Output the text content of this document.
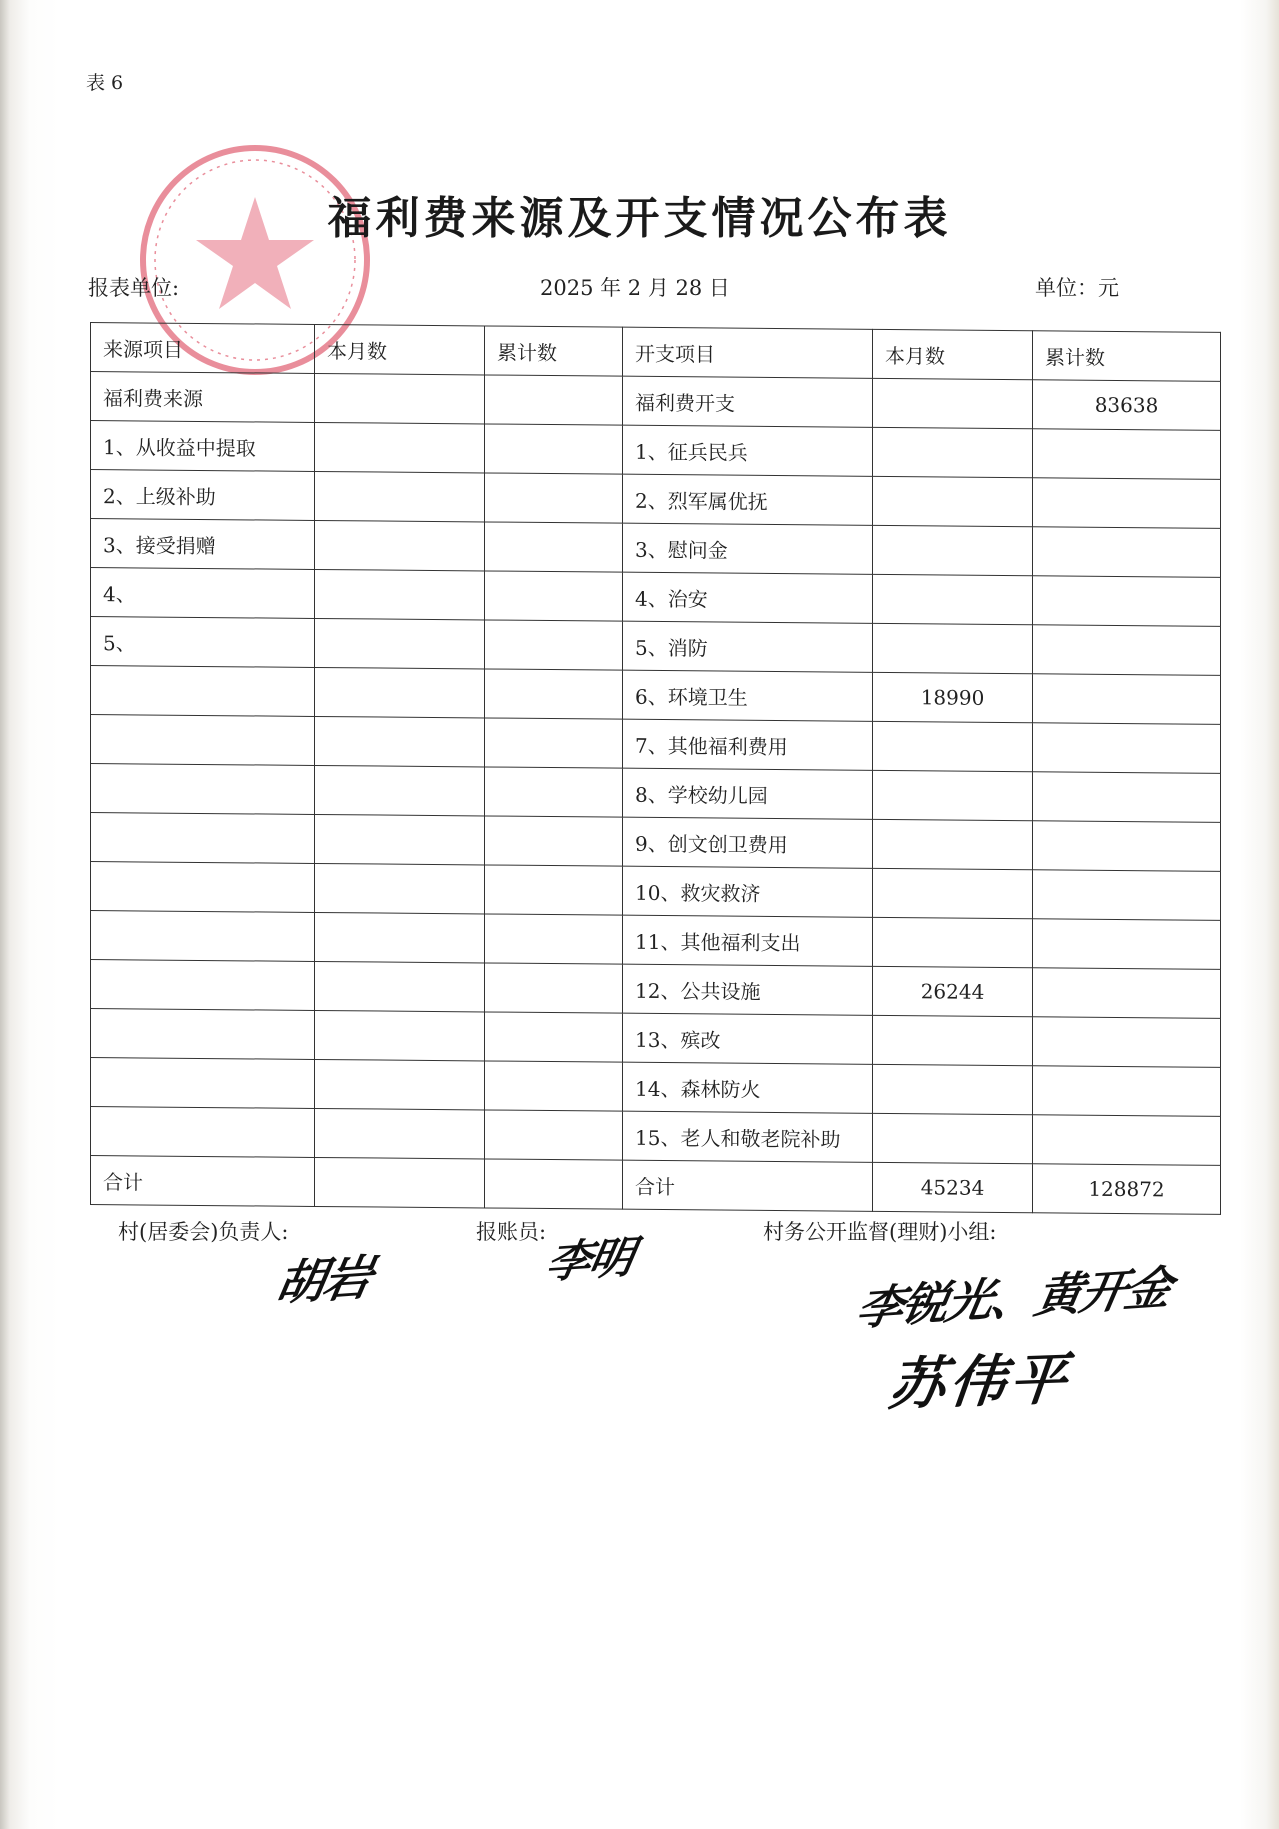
表 6
福利费来源及开支情况公布表
报表单位:	2025 年 2 月 28 日	单位：元
来源项目	本月数	累计数	开支项目	本月数	累计数
福利费来源			福利费开支		83638
1、从收益中提取			1、征兵民兵		
2、上级补助			2、烈军属优抚		
3、接受捐赠			3、慰问金		
4、			4、治安		
5、			5、消防		
			6、环境卫生	18990	
			7、其他福利费用		
			8、学校幼儿园		
			9、创文创卫费用		
			10、救灾救济		
			11、其他福利支出		
			12、公共设施	26244	
			13、殡改		
			14、森林防火		
			15、老人和敬老院补助		
合计			合计	45234	128872
村(居委会)负责人:	报账员:	村务公开监督(理财)小组:
胡岩	李明	李锐光、黄开金
苏伟平
